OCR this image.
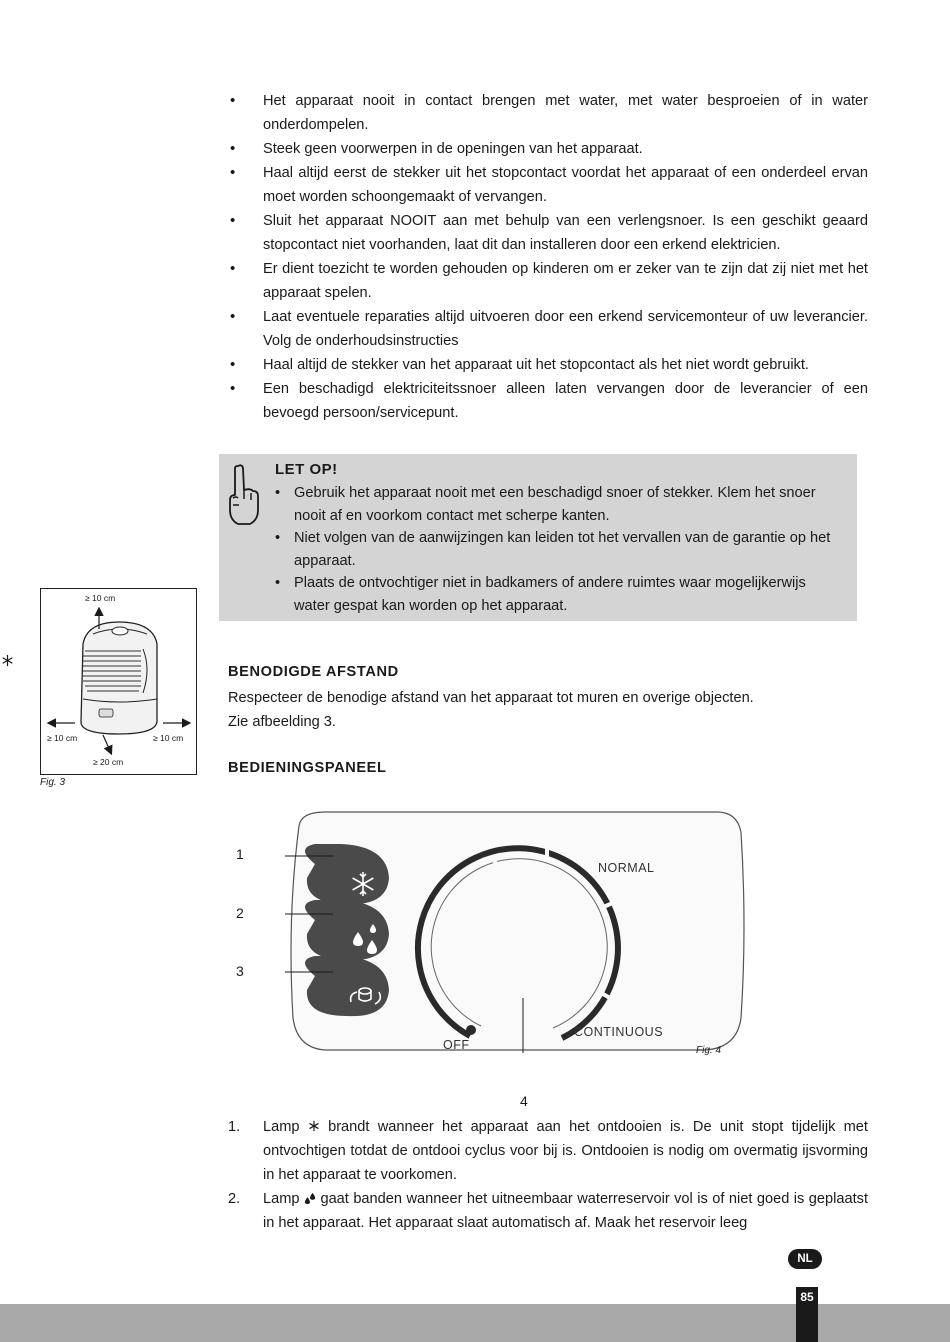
• Het apparaat nooit in contact brengen met water, met water besproeien of in water onderdompelen.
• Steek geen voorwerpen in de openingen van het apparaat.
• Haal altijd eerst de stekker uit het stopcontact voordat het apparaat of een onderdeel ervan moet worden schoongemaakt of vervangen.
• Sluit het apparaat NOOIT aan met behulp van een verlengsnoer. Is een geschikt geaard stopcontact niet voorhanden, laat dit dan installeren door een erkend elektricien.
• Er dient toezicht te worden gehouden op kinderen om er zeker van te zijn dat zij niet met het apparaat spelen.
• Laat eventuele reparaties altijd uitvoeren door een erkend servicemonteur of uw leverancier. Volg de onderhoudsinstructies
• Haal altijd de stekker van het apparaat uit het stopcontact als het niet wordt gebruikt.
• Een beschadigd elektriciteitssnoer alleen laten vervangen door de leverancier of een bevoegd persoon/servicepunt.
LET OP!
• Gebruik het apparaat nooit met een beschadigd snoer of stekker. Klem het snoer nooit af en voorkom contact met scherpe kanten.
• Niet volgen van de aanwijzingen kan leiden tot het vervallen van de garantie op het apparaat.
• Plaats de ontvochtiger niet in badkamers of andere ruimtes waar mogelijkerwijs water gespat kan worden op het apparaat.
≥ 10 cm
≥ 10 cm	≥ 10 cm
≥ 20 cm
Fig. 3
BENODIGDE AFSTAND
Respecteer de benodige afstand van het apparaat tot muren en overige objecten.
Zie afbeelding 3.
BEDIENINGSPANEEL
1
2
3
4
NORMAL
CONTINUOUS
OFF	Fig. 4
1. Lamp brandt wanneer het apparaat aan het ontdooien is. De unit stopt tijdelijk met ontvochtigen totdat de ontdooi cyclus voor bij is. Ontdooien is nodig om overmatig ijsvorming in het apparaat te voorkomen.
2. Lamp gaat banden wanneer het uitneembaar waterreservoir vol is of niet goed is geplaatst in het apparaat. Het apparaat slaat automatisch af. Maak het reservoir leeg
NL
85
